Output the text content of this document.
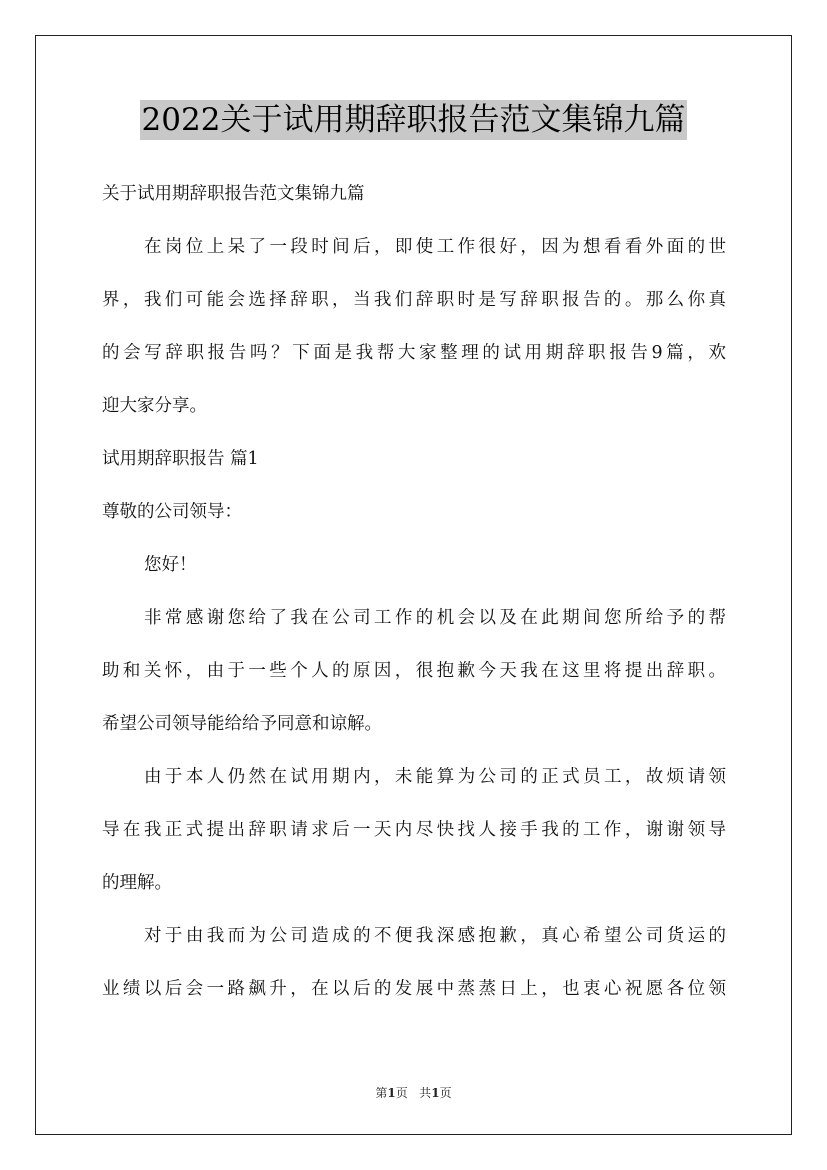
2022关于试用期辞职报告范文集锦九篇
关于试用期辞职报告范文集锦九篇
在岗位上呆了一段时间后，即使工作很好，因为想看看外面的世
界，我们可能会选择辞职，当我们辞职时是写辞职报告的。那么你真
的会写辞职报告吗？下面是我帮大家整理的试用期辞职报告9篇，欢
迎大家分享。
试用期辞职报告 篇1
尊敬的公司领导：
您好！
非常感谢您给了我在公司工作的机会以及在此期间您所给予的帮
助和关怀，由于一些个人的原因，很抱歉今天我在这里将提出辞职。
希望公司领导能给给予同意和谅解。
由于本人仍然在试用期内，未能算为公司的正式员工，故烦请领
导在我正式提出辞职请求后一天内尽快找人接手我的工作，谢谢领导
的理解。
对于由我而为公司造成的不便我深感抱歉，真心希望公司货运的
业绩以后会一路飙升，在以后的发展中蒸蒸日上，也衷心祝愿各位领
第1页 共1页
